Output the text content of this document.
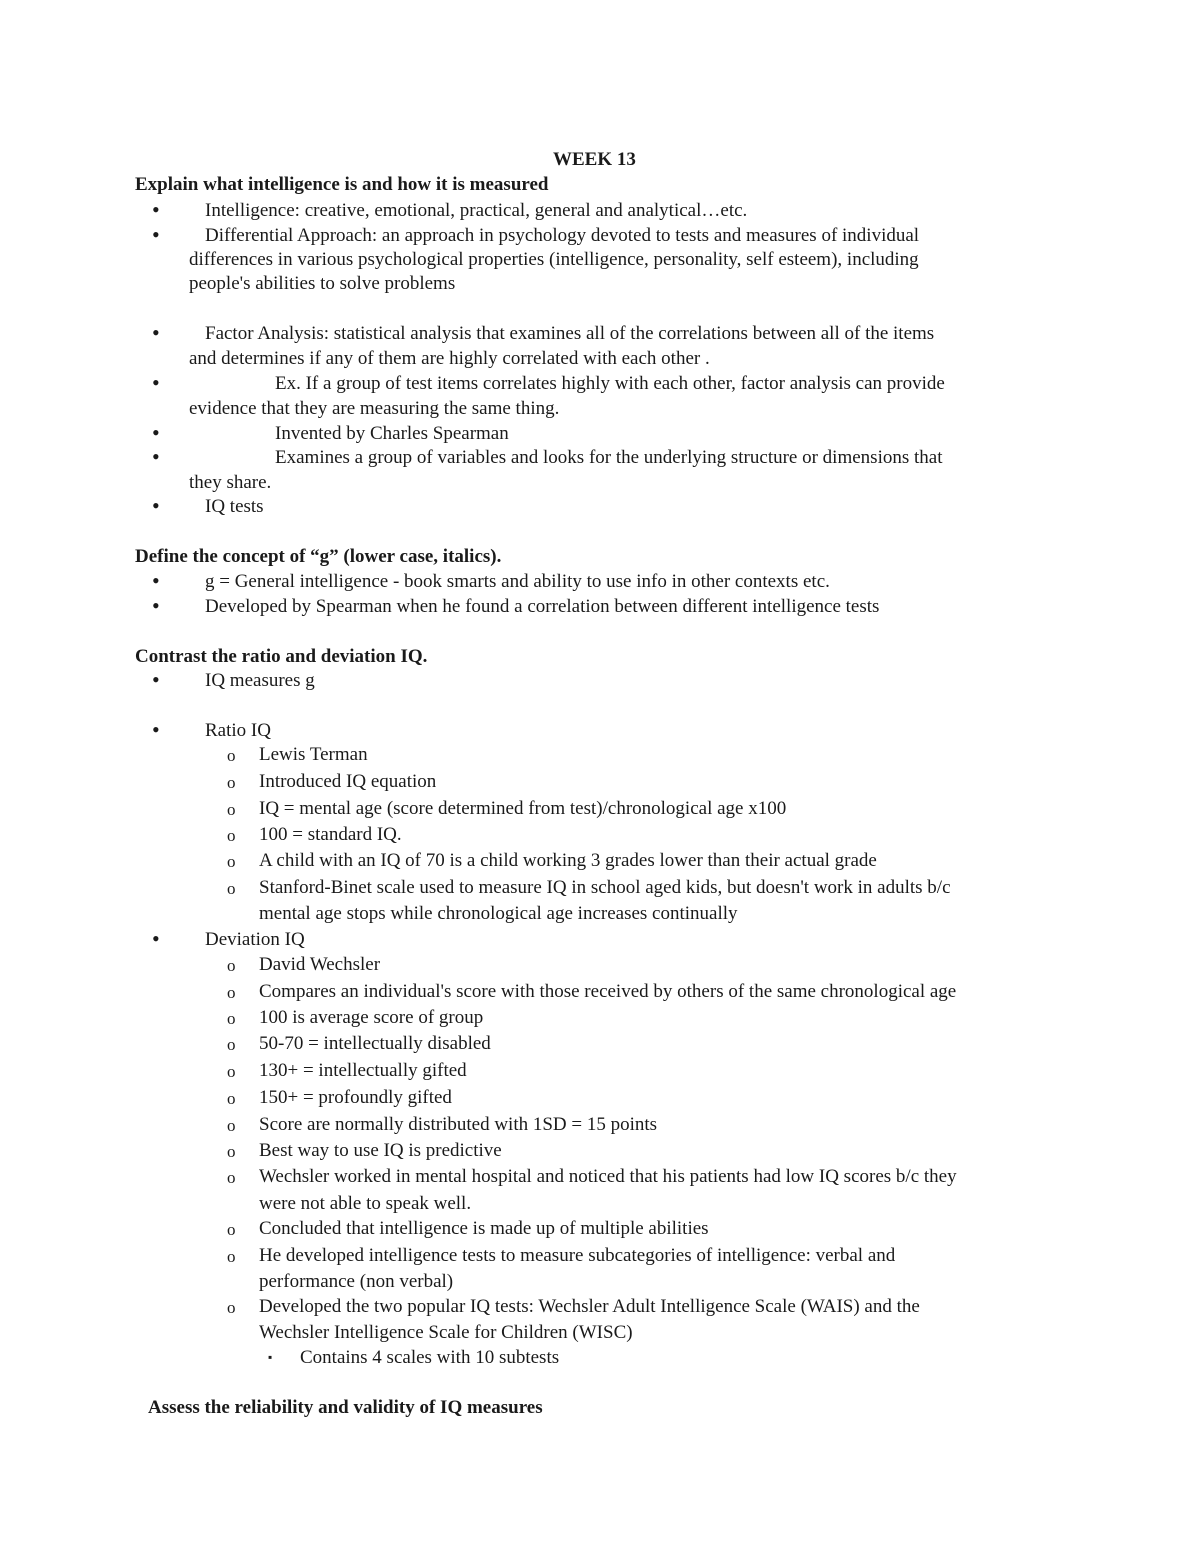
WEEK 13
Explain what intelligence is and how it is measured
• Intelligence: creative, emotional, practical, general and analytical…etc.
• Differential Approach: an approach in psychology devoted to tests and measures of individual
differences in various psychological properties (intelligence, personality, self esteem), including
people's abilities to solve problems
• Factor Analysis: statistical analysis that examines all of the correlations between all of the items
and determines if any of them are highly correlated with each other .
•	Ex. If a group of test items correlates highly with each other, factor analysis can provide
evidence that they are measuring the same thing.
•	Invented by Charles Spearman
•	Examines a group of variables and looks for the underlying structure or dimensions that
they share.
• IQ tests
Define the concept of “g” (lower case, italics).
• g = General intelligence - book smarts and ability to use info in other contexts etc.
• Developed by Spearman when he found a correlation between different intelligence tests
Contrast the ratio and deviation IQ.
• IQ measures g
• Ratio IQ
o Lewis Terman
o Introduced IQ equation
o IQ = mental age (score determined from test)/chronological age x100
o 100 = standard IQ.
o A child with an IQ of 70 is a child working 3 grades lower than their actual grade
o Stanford-Binet scale used to measure IQ in school aged kids, but doesn't work in adults b/c
mental age stops while chronological age increases continually
• Deviation IQ
o David Wechsler
o Compares an individual's score with those received by others of the same chronological age
o 100 is average score of group
o 50-70 = intellectually disabled
o 130+ = intellectually gifted
o 150+ = profoundly gifted
o Score are normally distributed with 1SD = 15 points
o Best way to use IQ is predictive
o Wechsler worked in mental hospital and noticed that his patients had low IQ scores b/c they
were not able to speak well.
o Concluded that intelligence is made up of multiple abilities
o He developed intelligence tests to measure subcategories of intelligence: verbal and
performance (non verbal)
o Developed the two popular IQ tests: Wechsler Adult Intelligence Scale (WAIS) and the
Wechsler Intelligence Scale for Children (WISC)
▪ Contains 4 scales with 10 subtests
Assess the reliability and validity of IQ measures
